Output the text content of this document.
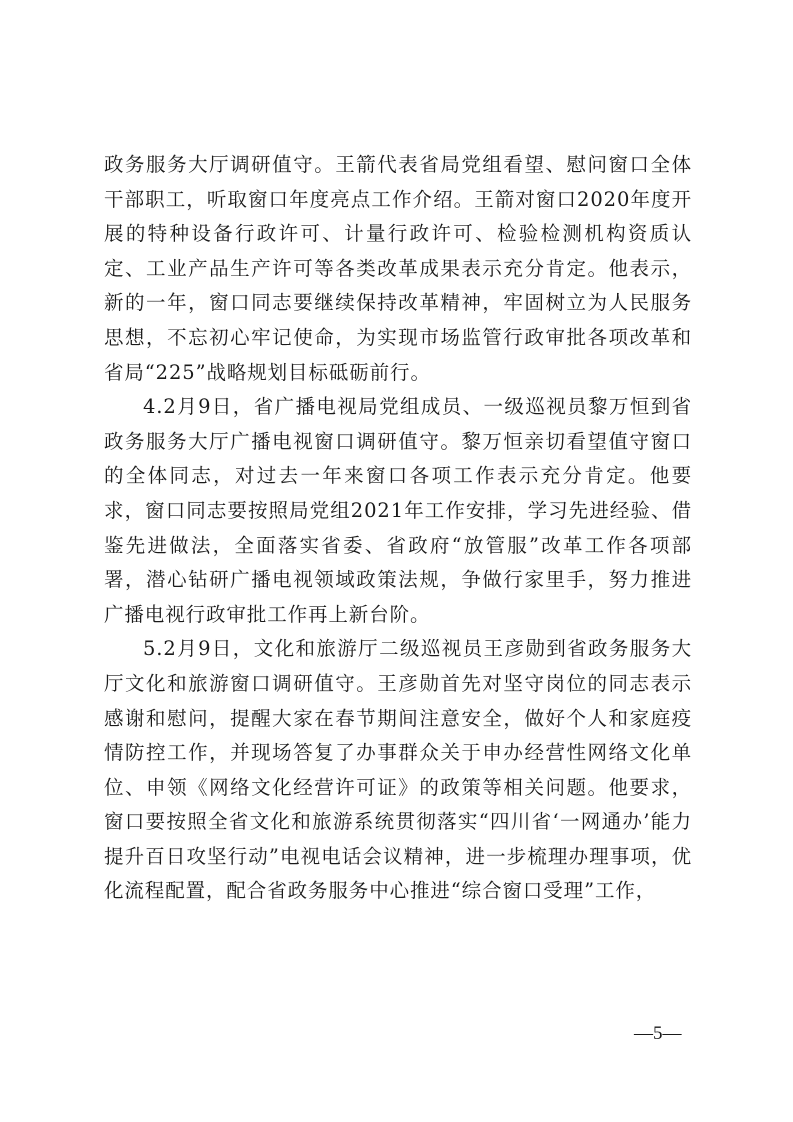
政务服务大厅调研值守。王箭代表省局党组看望、慰问窗口全体干部职工，听取窗口年度亮点工作介绍。王箭对窗口2020年度开展的特种设备行政许可、计量行政许可、检验检测机构资质认定、工业产品生产许可等各类改革成果表示充分肯定。他表示，新的一年，窗口同志要继续保持改革精神，牢固树立为人民服务思想，不忘初心牢记使命，为实现市场监管行政审批各项改革和省局“225”战略规划目标砥砺前行。

4.2月9日，省广播电视局党组成员、一级巡视员黎万恒到省政务服务大厅广播电视窗口调研值守。黎万恒亲切看望值守窗口的全体同志，对过去一年来窗口各项工作表示充分肯定。他要求，窗口同志要按照局党组2021年工作安排，学习先进经验、借鉴先进做法，全面落实省委、省政府“放管服”改革工作各项部署，潜心钻研广播电视领域政策法规，争做行家里手，努力推进广播电视行政审批工作再上新台阶。

5.2月9日，文化和旅游厅二级巡视员王彦勋到省政务服务大厅文化和旅游窗口调研值守。王彦勋首先对坚守岗位的同志表示感谢和慰问，提醒大家在春节期间注意安全，做好个人和家庭疫情防控工作，并现场答复了办事群众关于申办经营性网络文化单位、申领《网络文化经营许可证》的政策等相关问题。他要求，窗口要按照全省文化和旅游系统贯彻落实“四川省‘一网通办’能力提升百日攻坚行动”电视电话会议精神，进一步梳理办理事项，优化流程配置，配合省政务服务中心推进“综合窗口受理”工作，

—5—
